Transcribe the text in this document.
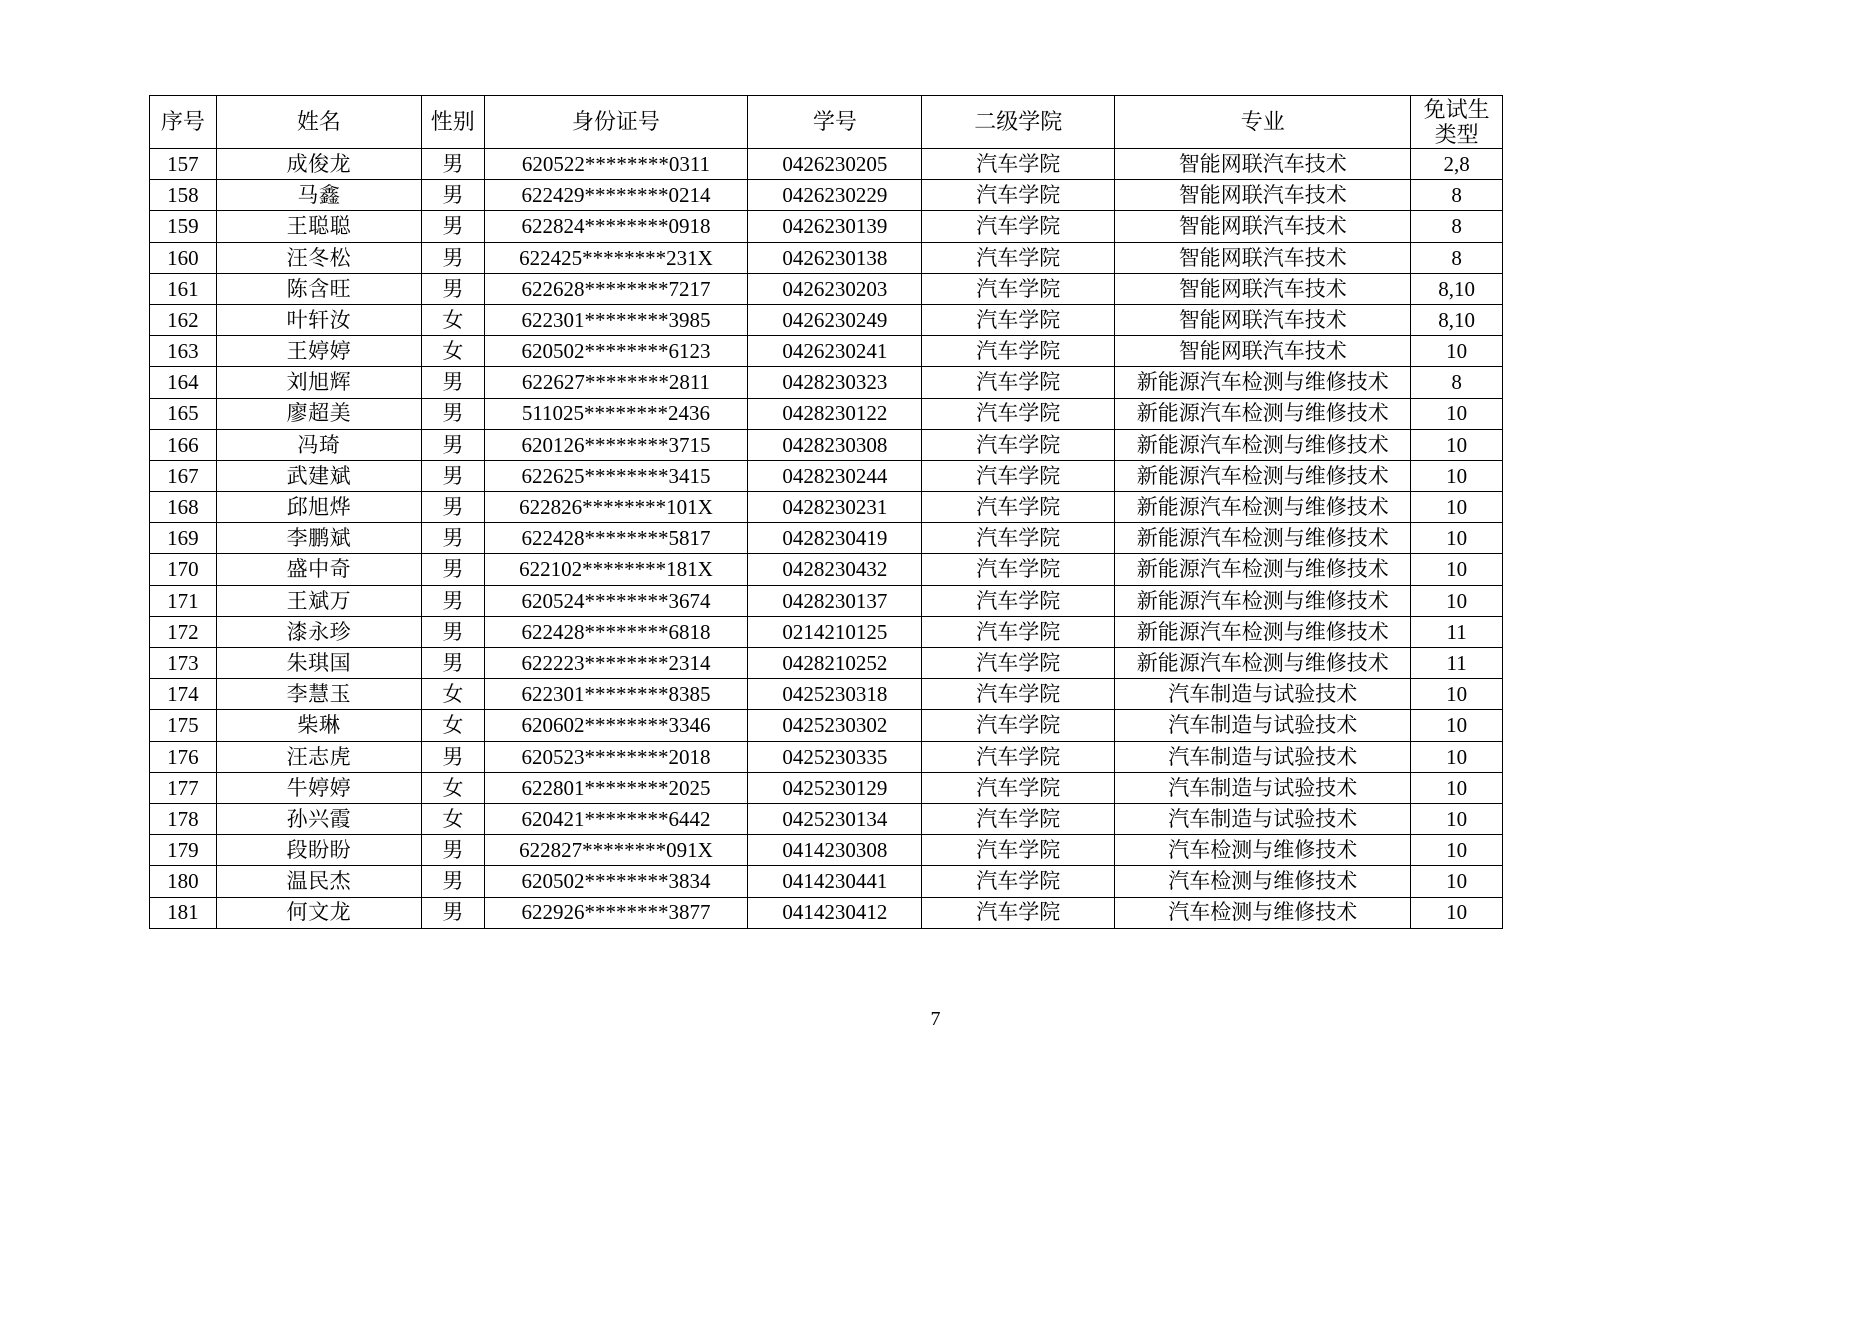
序号	姓名	性别	身份证号	学号	二级学院	专业	免试生
类型

157	成俊龙	男	620522********0311	0426230205	汽车学院	智能网联汽车技术	2,8
158	马鑫	男	622429********0214	0426230229	汽车学院	智能网联汽车技术	8
159	王聪聪	男	622824********0918	0426230139	汽车学院	智能网联汽车技术	8
160	汪冬松	男	622425********231X	0426230138	汽车学院	智能网联汽车技术	8
161	陈含旺	男	622628********7217	0426230203	汽车学院	智能网联汽车技术	8,10
162	叶轩汝	女	622301********3985	0426230249	汽车学院	智能网联汽车技术	8,10
163	王婷婷	女	620502********6123	0426230241	汽车学院	智能网联汽车技术	10
164	刘旭辉	男	622627********2811	0428230323	汽车学院	新能源汽车检测与维修技术	8
165	廖超美	男	511025********2436	0428230122	汽车学院	新能源汽车检测与维修技术	10
166	冯琦	男	620126********3715	0428230308	汽车学院	新能源汽车检测与维修技术	10
167	武建斌	男	622625********3415	0428230244	汽车学院	新能源汽车检测与维修技术	10
168	邱旭烨	男	622826********101X	0428230231	汽车学院	新能源汽车检测与维修技术	10
169	李鹏斌	男	622428********5817	0428230419	汽车学院	新能源汽车检测与维修技术	10
170	盛中奇	男	622102********181X	0428230432	汽车学院	新能源汽车检测与维修技术	10
171	王斌万	男	620524********3674	0428230137	汽车学院	新能源汽车检测与维修技术	10
172	漆永珍	男	622428********6818	0214210125	汽车学院	新能源汽车检测与维修技术	11
173	朱琪国	男	622223********2314	0428210252	汽车学院	新能源汽车检测与维修技术	11
174	李慧玉	女	622301********8385	0425230318	汽车学院	汽车制造与试验技术	10
175	柴琳	女	620602********3346	0425230302	汽车学院	汽车制造与试验技术	10
176	汪志虎	男	620523********2018	0425230335	汽车学院	汽车制造与试验技术	10
177	牛婷婷	女	622801********2025	0425230129	汽车学院	汽车制造与试验技术	10
178	孙兴霞	女	620421********6442	0425230134	汽车学院	汽车制造与试验技术	10
179	段盼盼	男	622827********091X	0414230308	汽车学院	汽车检测与维修技术	10
180	温民杰	男	620502********3834	0414230441	汽车学院	汽车检测与维修技术	10
181	何文龙	男	622926********3877	0414230412	汽车学院	汽车检测与维修技术	10
7
